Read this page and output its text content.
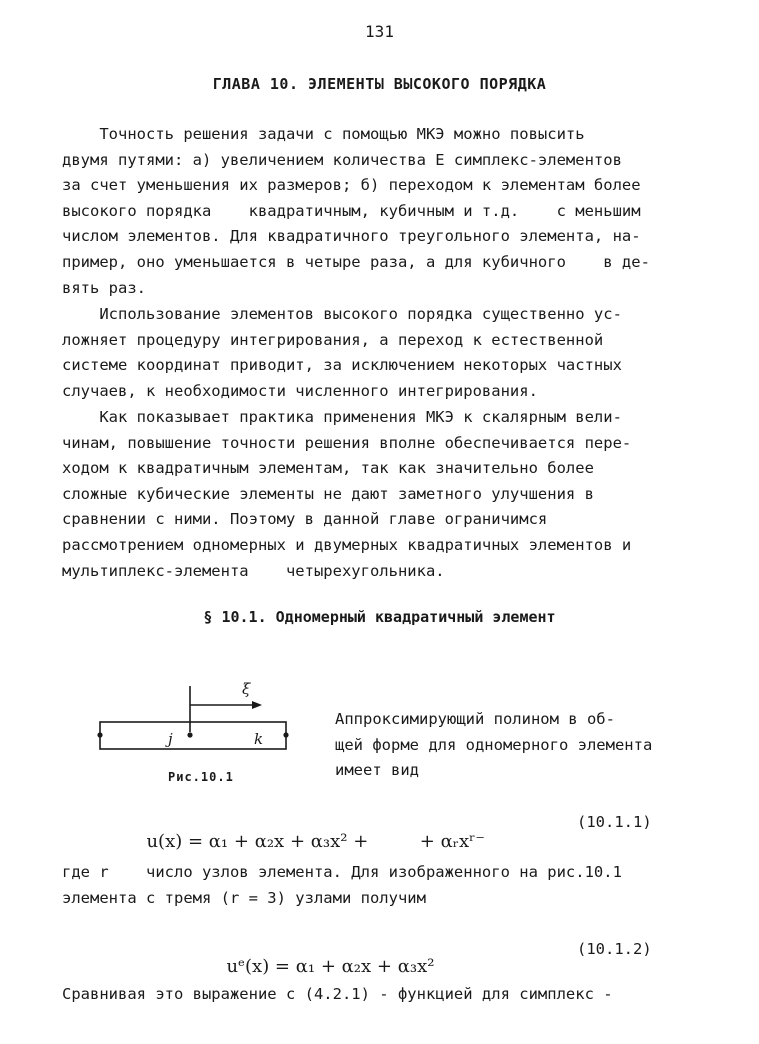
131
ГЛАВА 10. ЭЛЕМЕНТЫ ВЫСОКОГО ПОРЯДКА
Точность решения задачи с помощью МКЭ можно повысить
двумя путями: а) увеличением количества E симплекс-элементов
за счет уменьшения их размеров; б) переходом к элементам более
высокого порядка    квадратичным, кубичным и т.д.    с меньшим
числом элементов. Для квадратичного треугольного элемента, на-
пример, оно уменьшается в четыре раза, а для кубичного    в де-
вять раз.
Использование элементов высокого порядка существенно ус-
ложняет процедуру интегрирования, а переход к естественной
системе координат приводит, за исключением некоторых частных
случаев, к необходимости численного интегрирования.
Как показывает практика применения МКЭ к скалярным вели-
чинам, повышение точности решения вполне обеспечивается пере-
ходом к квадратичным элементам, так как значительно более
сложные кубические элементы не дают заметного улучшения в
сравнении с ними. Поэтому в данной главе ограничимся
рассмотрением одномерных и двумерных квадратичных элементов и
мультиплекс-элемента    четырехугольника.
§ 10.1. Одномерный квадратичный элемент
ξ
j	k
Рис.10.1
Аппроксимирующий полином в об-
щей форме для одномерного элемента
имеет вид

u(x) = α₁ + α₂x + α₃x² +         + αᵣxʳ⁻

(10.1.1)
где r    число узлов элемента. Для изображенного на рис.10.1
элемента с тремя (r = 3) узлами получим

uᵉ(x) = α₁ + α₂x + α₃x²

(10.1.2)
Сравнивая это выражение с (4.2.1) - функцией для симплекс -
